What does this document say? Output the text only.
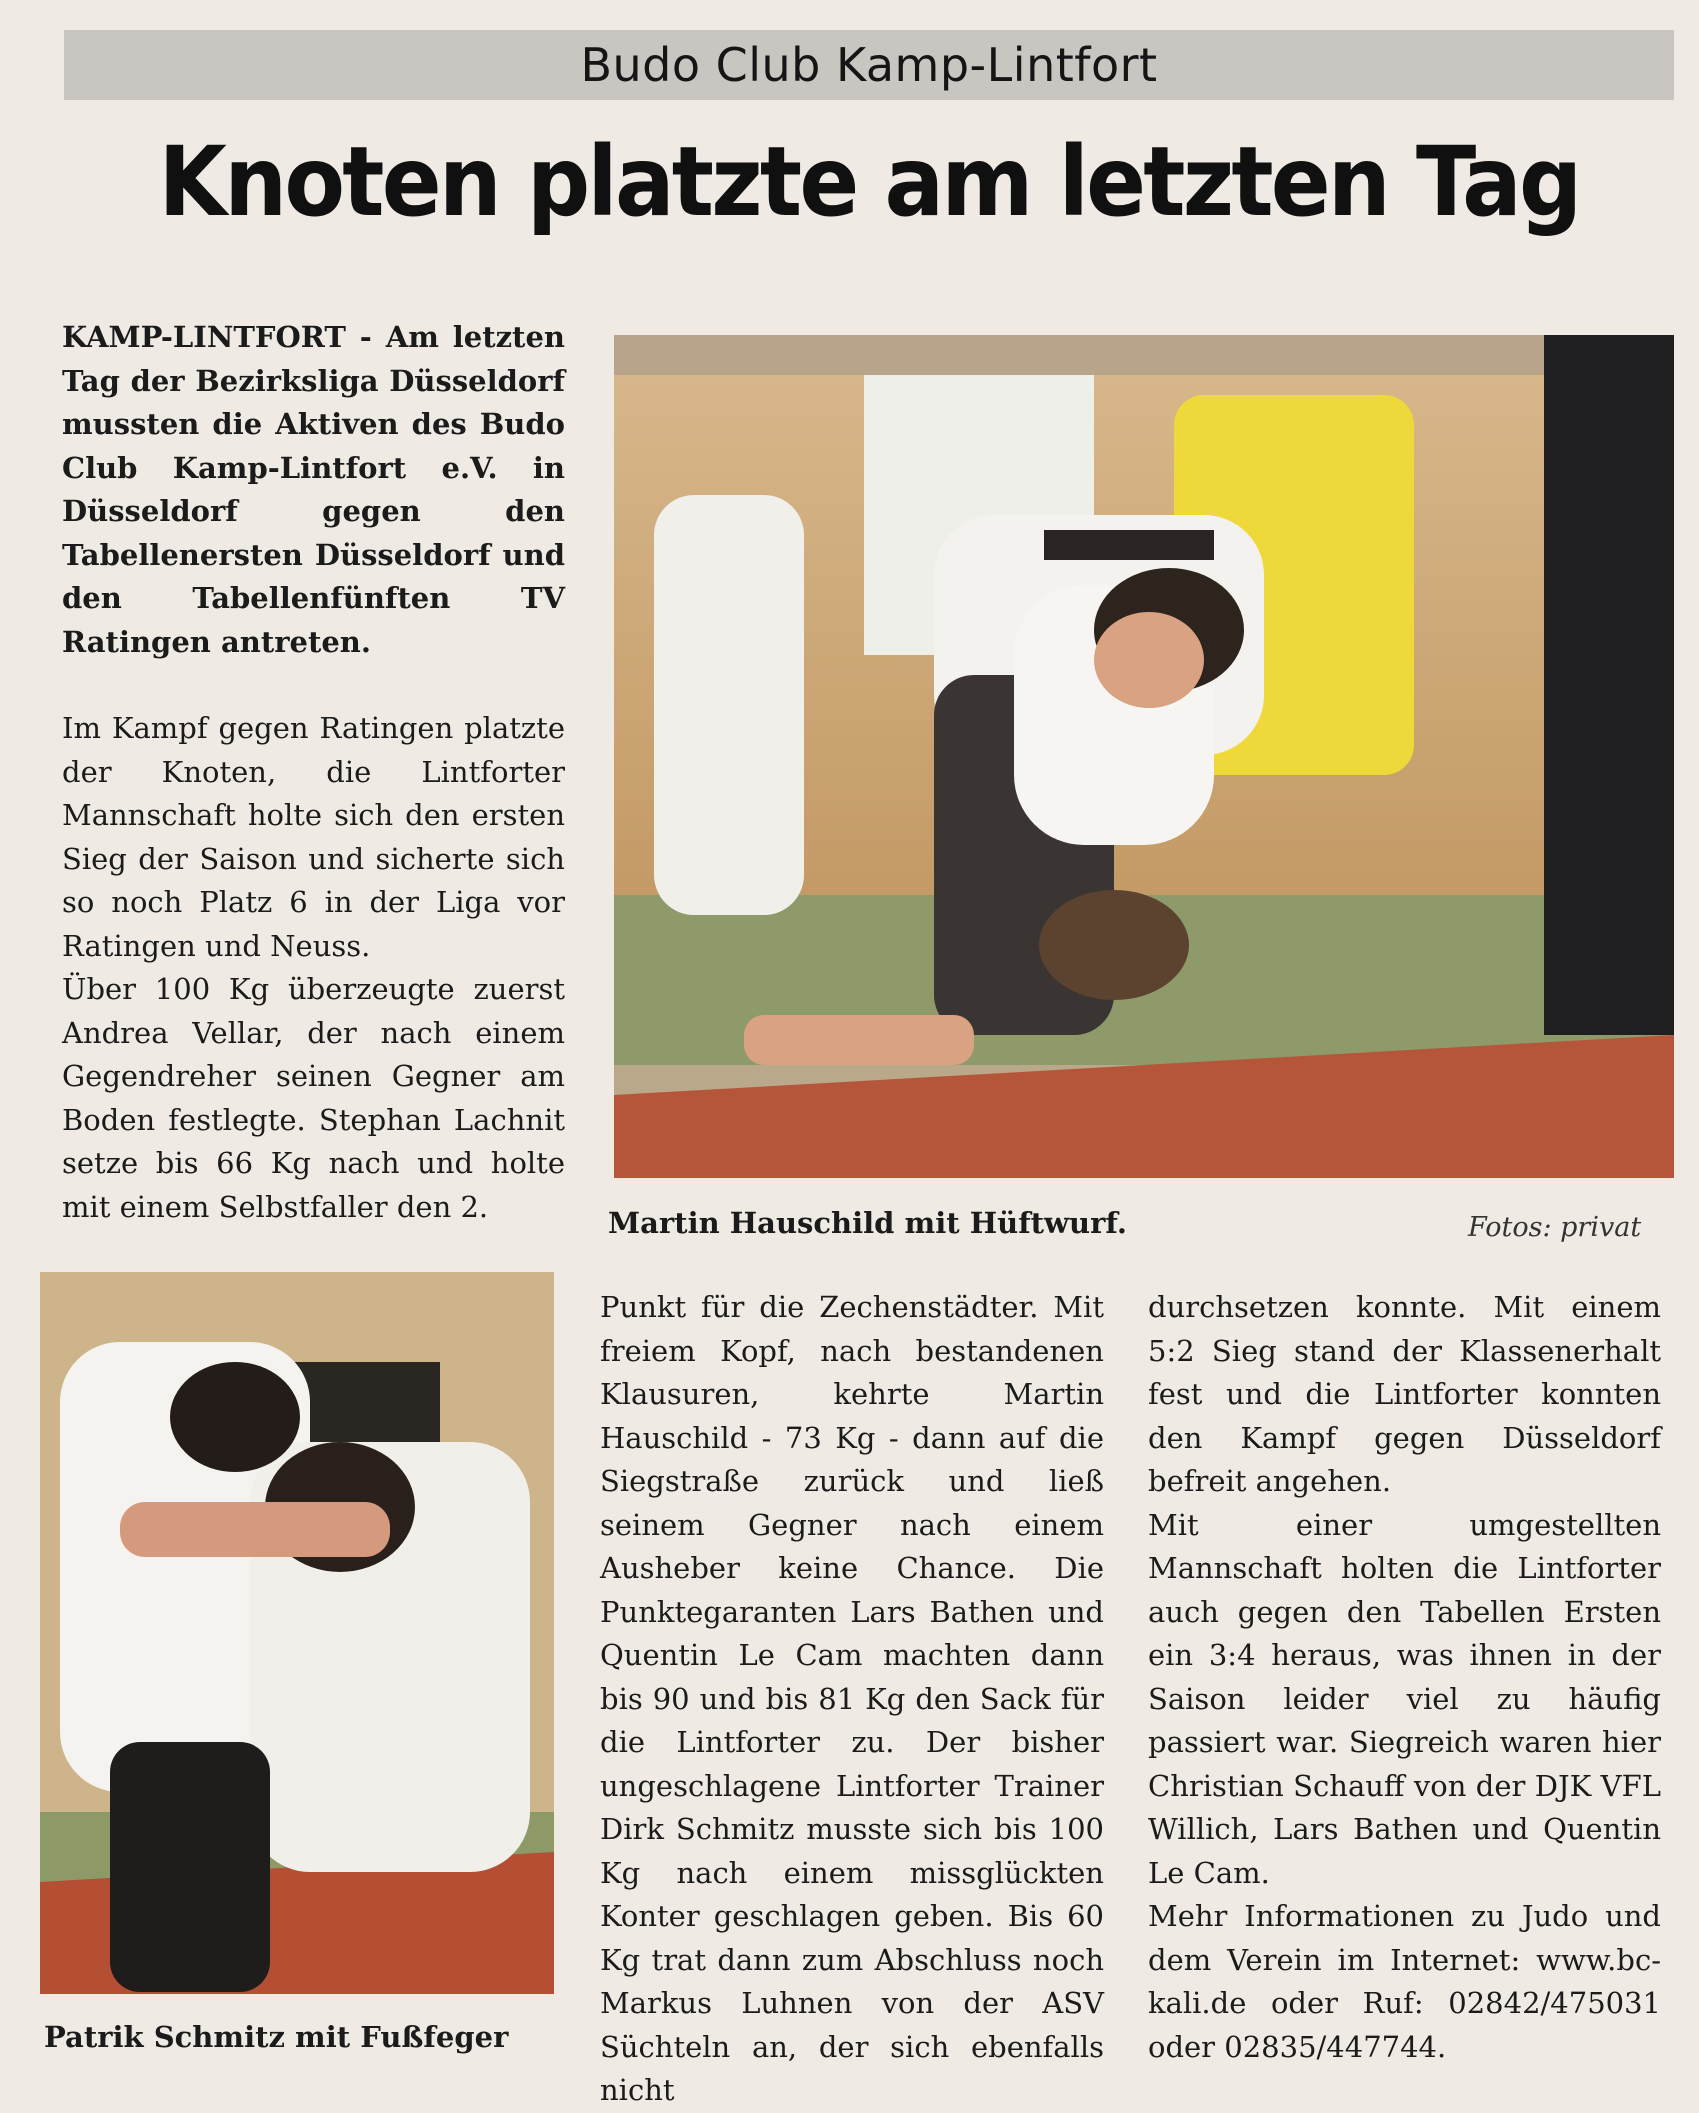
Budo Club Kamp-Lintfort
Knoten platzte am letzten Tag

KAMP-LINTFORT - Am letzten Tag der Bezirksliga Düsseldorf mussten die Aktiven des Budo Club Kamp-Lintfort e.V. in Düsseldorf gegen den Tabellenersten Düsseldorf und den Tabellenfünften TV Ratingen antreten.

Im Kampf gegen Ratingen platzte der Knoten, die Lintforter Mannschaft holte sich den ersten Sieg der Saison und sicherte sich so noch Platz 6 in der Liga vor Ratingen und Neuss.

Über 100 Kg überzeugte zuerst Andrea Vellar, der nach einem Gegendreher seinen Gegner am Boden festlegte. Stephan Lachnit setze bis 66 Kg nach und holte mit einem Selbstfaller den 2.	Martin Hauschild mit Hüftwurf.	Fotos: privat
Patrik Schmitz mit Fußfeger

Punkt für die Zechenstädter. Mit freiem Kopf, nach bestandenen Klausuren, kehrte Martin Hauschild - 73 Kg - dann auf die Siegstraße zurück und ließ seinem Gegner nach einem Ausheber keine Chance. Die Punktegaranten Lars Bathen und Quentin Le Cam machten dann bis 90 und bis 81 Kg den Sack für die Lintforter zu. Der bisher ungeschlagene Lintforter Trainer Dirk Schmitz musste sich bis 100 Kg nach einem missglückten Konter geschlagen geben. Bis 60 Kg trat dann zum Abschluss noch Markus Luhnen von der ASV Süchteln an, der sich ebenfalls nicht

durchsetzen konnte. Mit einem 5:2 Sieg stand der Klassenerhalt fest und die Lintforter konnten den Kampf gegen Düsseldorf befreit angehen.

Mit einer umgestellten Mannschaft holten die Lintforter auch gegen den Tabellen Ersten ein 3:4 heraus, was ihnen in der Saison leider viel zu häufig passiert war. Siegreich waren hier Christian Schauff von der DJK VFL Willich, Lars Bathen und Quentin Le Cam.

Mehr Informationen zu Judo und dem Verein im Internet: www.bc-kali.de oder Ruf: 02842/475031 oder 02835/447744.
